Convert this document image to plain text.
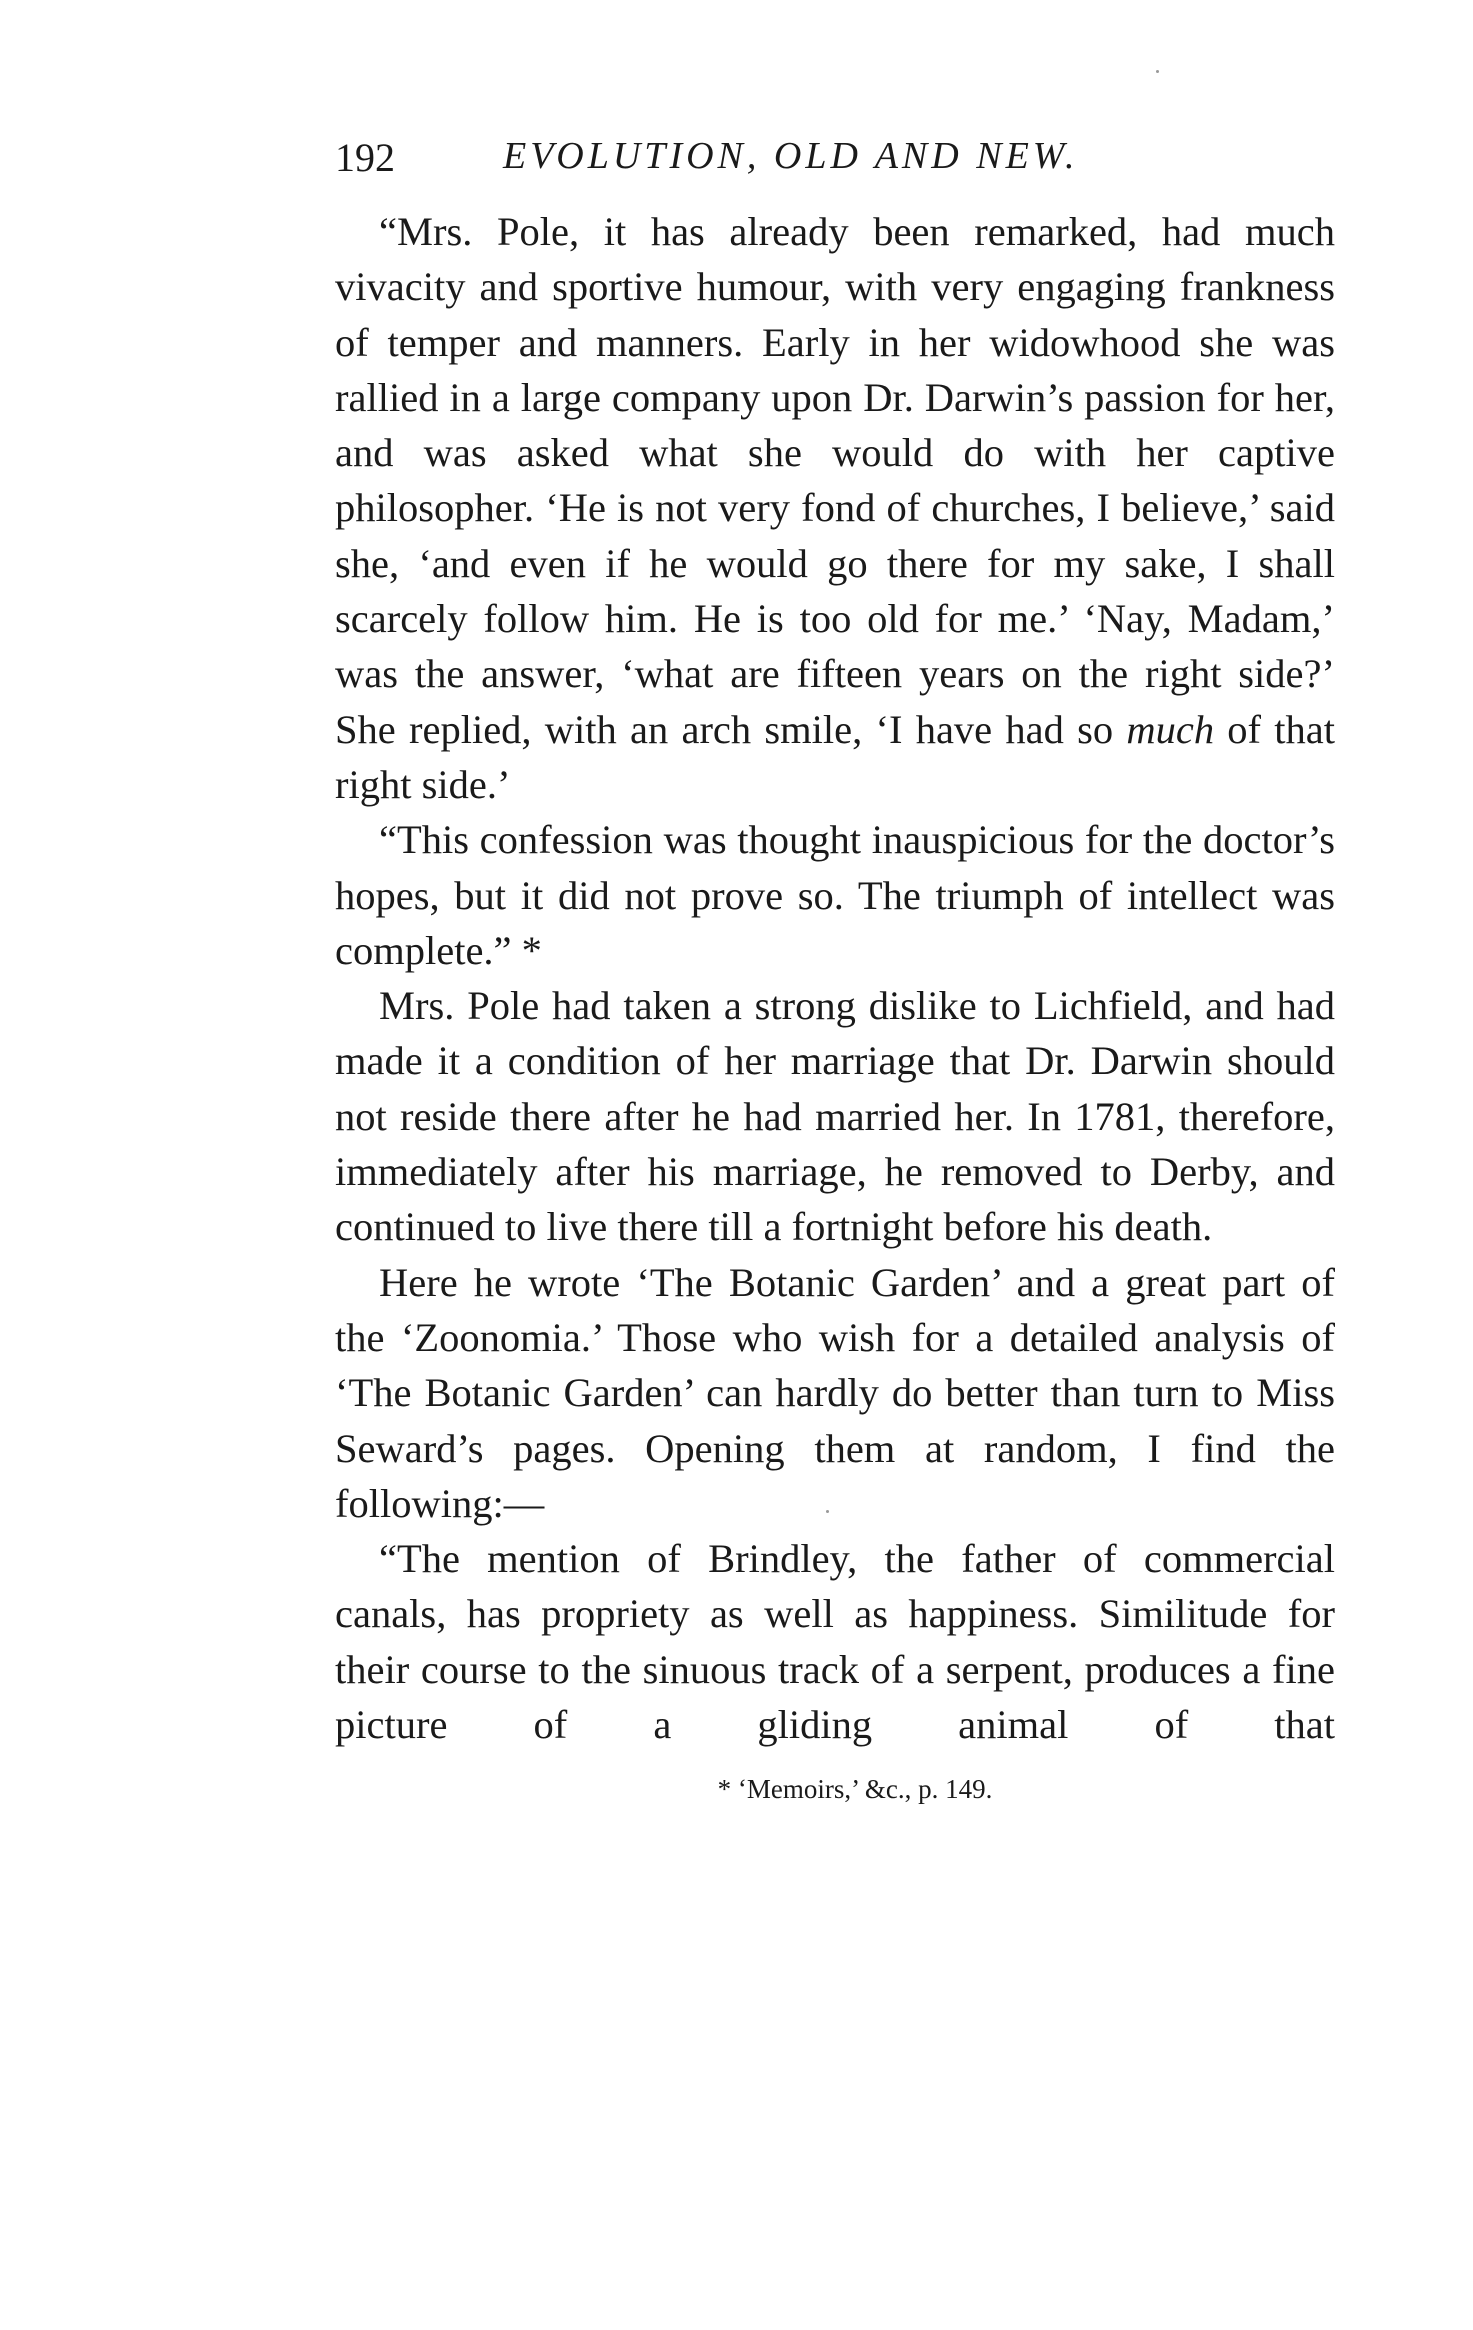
192	EVOLUTION, OLD AND NEW.

“Mrs. Pole, it has already been remarked, had much vivacity and sportive humour, with very engaging frankness of temper and manners. Early in her widowhood she was rallied in a large company upon Dr. Darwin’s passion for her, and was asked what she would do with her captive philosopher. ‘He is not very fond of churches, I believe,’ said she, ‘and even if he would go there for my sake, I shall scarcely follow him. He is too old for me.’ ‘Nay, Madam,’ was the answer, ‘what are fifteen years on the right side?’ She replied, with an arch smile, ‘I have had so much of that right side.’

“This confession was thought inauspicious for the doctor’s hopes, but it did not prove so. The triumph of intellect was complete.” *

Mrs. Pole had taken a strong dislike to Lichfield, and had made it a condition of her marriage that Dr. Darwin should not reside there after he had married her. In 1781, therefore, immediately after his marriage, he removed to Derby, and continued to live there till a fortnight before his death.

Here he wrote ‘The Botanic Garden’ and a great part of the ‘Zoonomia.’ Those who wish for a detailed analysis of ‘The Botanic Garden’ can hardly do better than turn to Miss Seward’s pages. Opening them at random, I find the following:—

“The mention of Brindley, the father of commercial canals, has propriety as well as happiness. Similitude for their course to the sinuous track of a serpent, produces a fine picture of a gliding animal of that

* ‘Memoirs,’ &c., p. 149.
